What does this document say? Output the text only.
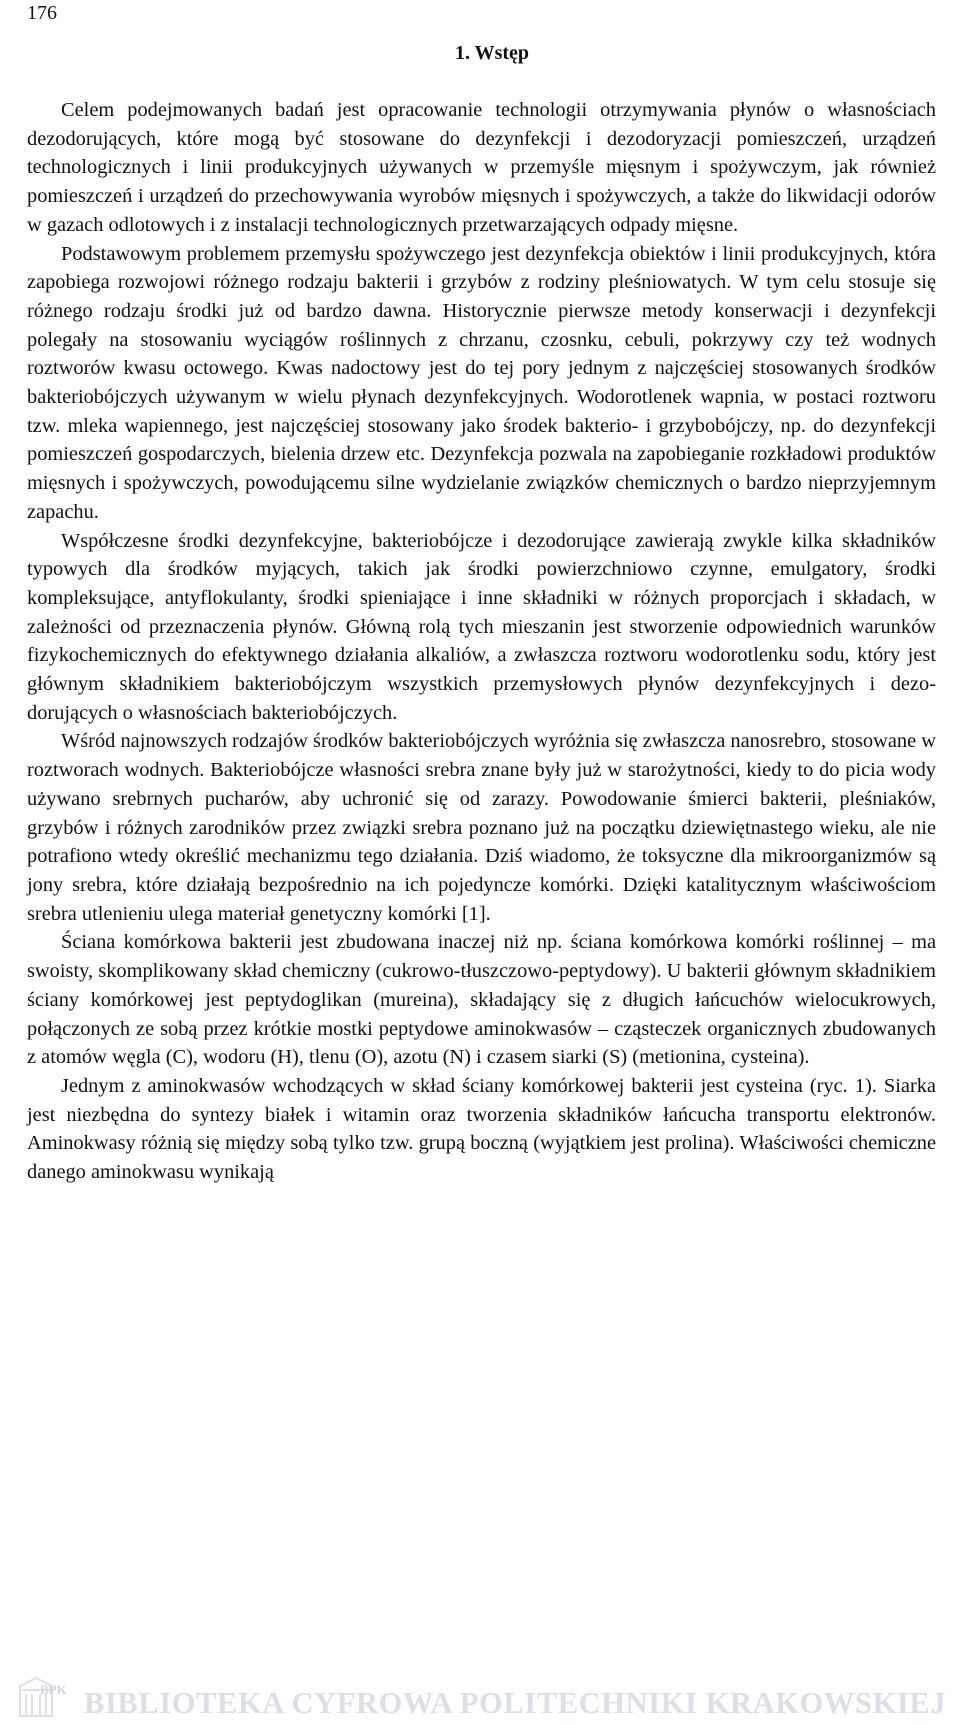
176
1. Wstęp

Celem podejmowanych badań jest opracowanie technologii otrzymywania płynów o własnościach dezodorujących, które mogą być stosowane do dezynfekcji i dezodoryzacji pomieszczeń, urządzeń technologicznych i linii produkcyjnych używanych w przemyśle mięsnym i spożywczym, jak również pomieszczeń i urządzeń do przechowywania wyrobów mięsnych i spożywczych, a także do likwidacji odorów w gazach odlotowych i z instalacji technologicznych przetwarzających odpady mięsne.

Podstawowym problemem przemysłu spożywczego jest dezynfekcja obiektów i linii produkcyjnych, która zapobiega rozwojowi różnego rodzaju bakterii i grzybów z rodziny pleśniowatych. W tym celu stosuje się różnego rodzaju środki już od bardzo dawna. Historycznie pierwsze metody konserwacji i dezynfekcji polegały na stosowaniu wyciągów roślinnych z chrzanu, czosnku, cebuli, pokrzywy czy też wodnych roztworów kwasu octowego. Kwas nadoctowy jest do tej pory jednym z najczęściej stosowanych środków bakteriobójczych używanym w wielu płynach dezynfekcyjnych. Wodorotlenek wapnia, w postaci roztworu tzw. mleka wapiennego, jest najczęściej stosowany jako środek bakterio- i grzybobójczy, np. do dezynfekcji pomieszczeń gospodarczych, bielenia drzew etc. Dezynfekcja pozwala na zapobieganie rozkładowi produktów mięsnych i spożywczych, powodującemu silne wydzielanie związków chemicznych o bardzo nieprzyjemnym zapachu.

Współczesne środki dezynfekcyjne, bakteriobójcze i dezodorujące zawierają zwykle kilka składników typowych dla środków myjących, takich jak środki powierzchniowo czynne, emulgatory, środki kompleksujące, antyflokulanty, środki spieniające i inne składniki w różnych proporcjach i składach, w zależności od przeznaczenia płynów. Główną rolą tych mieszanin jest stworzenie odpowiednich warunków fizykochemicznych do efektywnego działania alkaliów, a zwłaszcza roztworu wodorotlenku sodu, który jest głównym składnikiem bakteriobójczym wszystkich przemysłowych płynów dezynfekcyjnych i dezodorujących o własnościach bakteriobójczych.

Wśród najnowszych rodzajów środków bakteriobójczych wyróżnia się zwłaszcza nanosrebro, stosowane w roztworach wodnych. Bakteriobójcze własności srebra znane były już w starożytności, kiedy to do picia wody używano srebrnych pucharów, aby uchronić się od zarazy. Powodowanie śmierci bakterii, pleśniaków, grzybów i różnych zarodników przez związki srebra poznano już na początku dziewiętnastego wieku, ale nie potrafiono wtedy określić mechanizmu tego działania. Dziś wiadomo, że toksyczne dla mikroorganizmów są jony srebra, które działają bezpośrednio na ich pojedyncze komórki. Dzięki katalitycznym właściwościom srebra utlenieniu ulega materiał genetyczny komórki [1].

Ściana komórkowa bakterii jest zbudowana inaczej niż np. ściana komórkowa komórki roślinnej – ma swoisty, skomplikowany skład chemiczny (cukrowo-tłuszczowo-peptydowy). U bakterii głównym składnikiem ściany komórkowej jest peptydoglikan (mureina), składający się z długich łańcuchów wielocukrowych, połączonych ze sobą przez krótkie mostki peptydowe aminokwasów – cząsteczek organicznych zbudowanych z atomów węgla (C), wodoru (H), tlenu (O), azotu (N) i czasem siarki (S) (metionina, cysteina).

Jednym z aminokwasów wchodzących w skład ściany komórkowej bakterii jest cysteina (ryc. 1). Siarka jest niezbędna do syntezy białek i witamin oraz tworzenia składników łańcucha transportu elektronów. Aminokwasy różnią się między sobą tylko tzw. grupą boczną (wyjątkiem jest prolina). Właściwości chemiczne danego aminokwasu wynikają

BPK BIBLIOTEKA CYFROWA POLITECHNIKI KRAKOWSKIEJ
